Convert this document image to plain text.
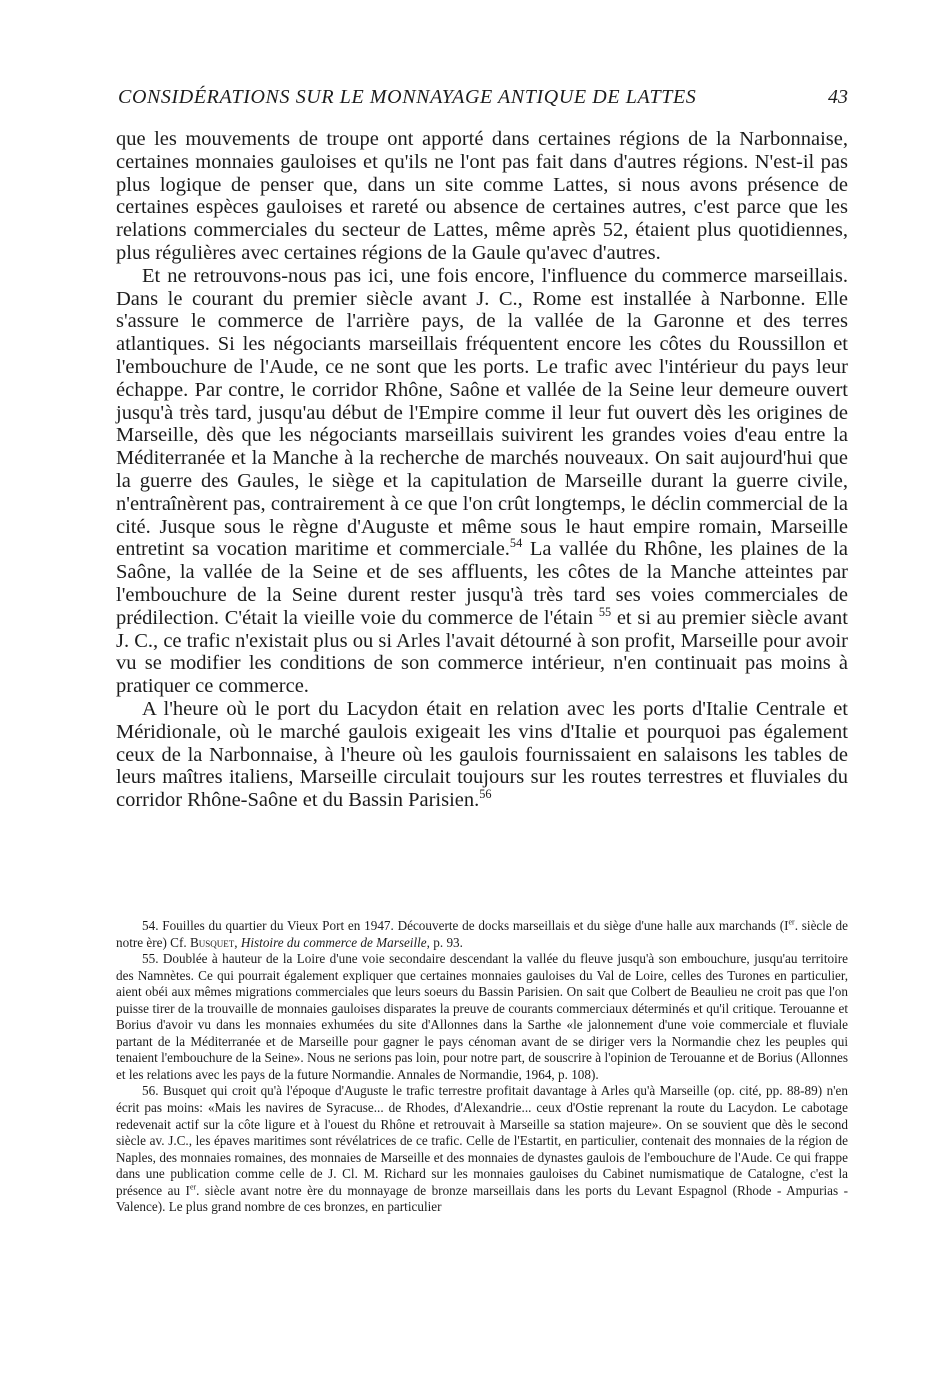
CONSIDÉRATIONS SUR LE MONNAYAGE ANTIQUE DE LATTES	43

que les mouvements de troupe ont apporté dans certaines régions de la Narbonnaise, certaines monnaies gauloises et qu'ils ne l'ont pas fait dans d'autres régions. N'est-il pas plus logique de penser que, dans un site comme Lattes, si nous avons présence de certaines espèces gauloises et rareté ou absence de certaines autres, c'est parce que les relations commerciales du secteur de Lattes, même après 52, étaient plus quotidiennes, plus régulières avec certaines régions de la Gaule qu'avec d'autres.

Et ne retrouvons-nous pas ici, une fois encore, l'influence du commerce marseillais. Dans le courant du premier siècle avant J. C., Rome est installée à Narbonne. Elle s'assure le commerce de l'arrière pays, de la vallée de la Garonne et des terres atlantiques. Si les négociants marseillais fréquentent encore les côtes du Roussillon et l'embouchure de l'Aude, ce ne sont que les ports. Le trafic avec l'intérieur du pays leur échappe. Par contre, le corridor Rhône, Saône et vallée de la Seine leur demeure ouvert jusqu'à très tard, jusqu'au début de l'Empire comme il leur fut ouvert dès les origines de Marseille, dès que les négociants marseillais suivirent les grandes voies d'eau entre la Méditerranée et la Manche à la recherche de marchés nouveaux. On sait aujourd'hui que la guerre des Gaules, le siège et la capitulation de Marseille durant la guerre civile, n'entraînèrent pas, contrairement à ce que l'on crût longtemps, le déclin commercial de la cité. Jusque sous le règne d'Auguste et même sous le haut empire romain, Marseille entretint sa vocation maritime et commerciale.$^{54}$ La vallée du Rhône, les plaines de la Saône, la vallée de la Seine et de ses affluents, les côtes de la Manche atteintes par l'embouchure de la Seine durent rester jusqu'à très tard ses voies commerciales de prédilection. C'était la vieille voie du commerce de l'étain $^{55}$ et si au premier siècle avant J. C., ce trafic n'existait plus ou si Arles l'avait détourné à son profit, Marseille pour avoir vu se modifier les conditions de son commerce intérieur, n'en continuait pas moins à pratiquer ce commerce.

A l'heure où le port du Lacydon était en relation avec les ports d'Italie Centrale et Méridionale, où le marché gaulois exigeait les vins d'Italie et pourquoi pas également ceux de la Narbonnaise, à l'heure où les gaulois fournissaient en salaisons les tables de leurs maîtres italiens, Marseille circulait toujours sur les routes terrestres et fluviales du corridor Rhône-Saône et du Bassin Parisien.$^{56}$

54. Fouilles du quartier du Vieux Port en 1947. Découverte de docks marseillais et du siège d'une halle aux marchands (Ier. siècle de notre ère) Cf. Busquet, Histoire du commerce de Marseille, p. 93.

55. Doublée à hauteur de la Loire d'une voie secondaire descendant la vallée du fleuve jusqu'à son embouchure, jusqu'au territoire des Namnètes. Ce qui pourrait également expliquer que certaines monnaies gauloises du Val de Loire, celles des Turones en particulier, aient obéi aux mêmes migrations commerciales que leurs soeurs du Bassin Parisien. On sait que Colbert de Beaulieu ne croit pas que l'on puisse tirer de la trouvaille de monnaies gauloises disparates la preuve de courants commerciaux déterminés et qu'il critique. Terouanne et Borius d'avoir vu dans les monnaies exhumées du site d'Allonnes dans la Sarthe «le jalonnement d'une voie commerciale et fluviale partant de la Méditerranée et de Marseille pour gagner le pays cénoman avant de se diriger vers la Normandie chez les peuples qui tenaient l'embouchure de la Seine». Nous ne serions pas loin, pour notre part, de souscrire à l'opinion de Terouanne et de Borius (Allonnes et les relations avec les pays de la future Normandie. Annales de Normandie, 1964, p. 108).

56. Busquet qui croit qu'à l'époque d'Auguste le trafic terrestre profitait davantage à Arles qu'à Marseille (op. cité, pp. 88-89) n'en écrit pas moins: «Mais les navires de Syracuse... de Rhodes, d'Alexandrie... ceux d'Ostie reprenant la route du Lacydon. Le cabotage redevenait actif sur la côte ligure et à l'ouest du Rhône et retrouvait à Marseille sa station majeure». On se souvient que dès le second siècle av. J.C., les épaves maritimes sont révélatrices de ce trafic. Celle de l'Estartit, en particulier, contenait des monnaies de la région de Naples, des monnaies romaines, des monnaies de Marseille et des monnaies de dynastes gaulois de l'embouchure de l'Aude. Ce qui frappe dans une publication comme celle de J. Cl. M. Richard sur les monnaies gauloises du Cabinet numismatique de Catalogne, c'est la présence au Ier. siècle avant notre ère du monnayage de bronze marseillais dans les ports du Levant Espagnol (Rhode - Ampurias - Valence). Le plus grand nombre de ces bronzes, en particulier
